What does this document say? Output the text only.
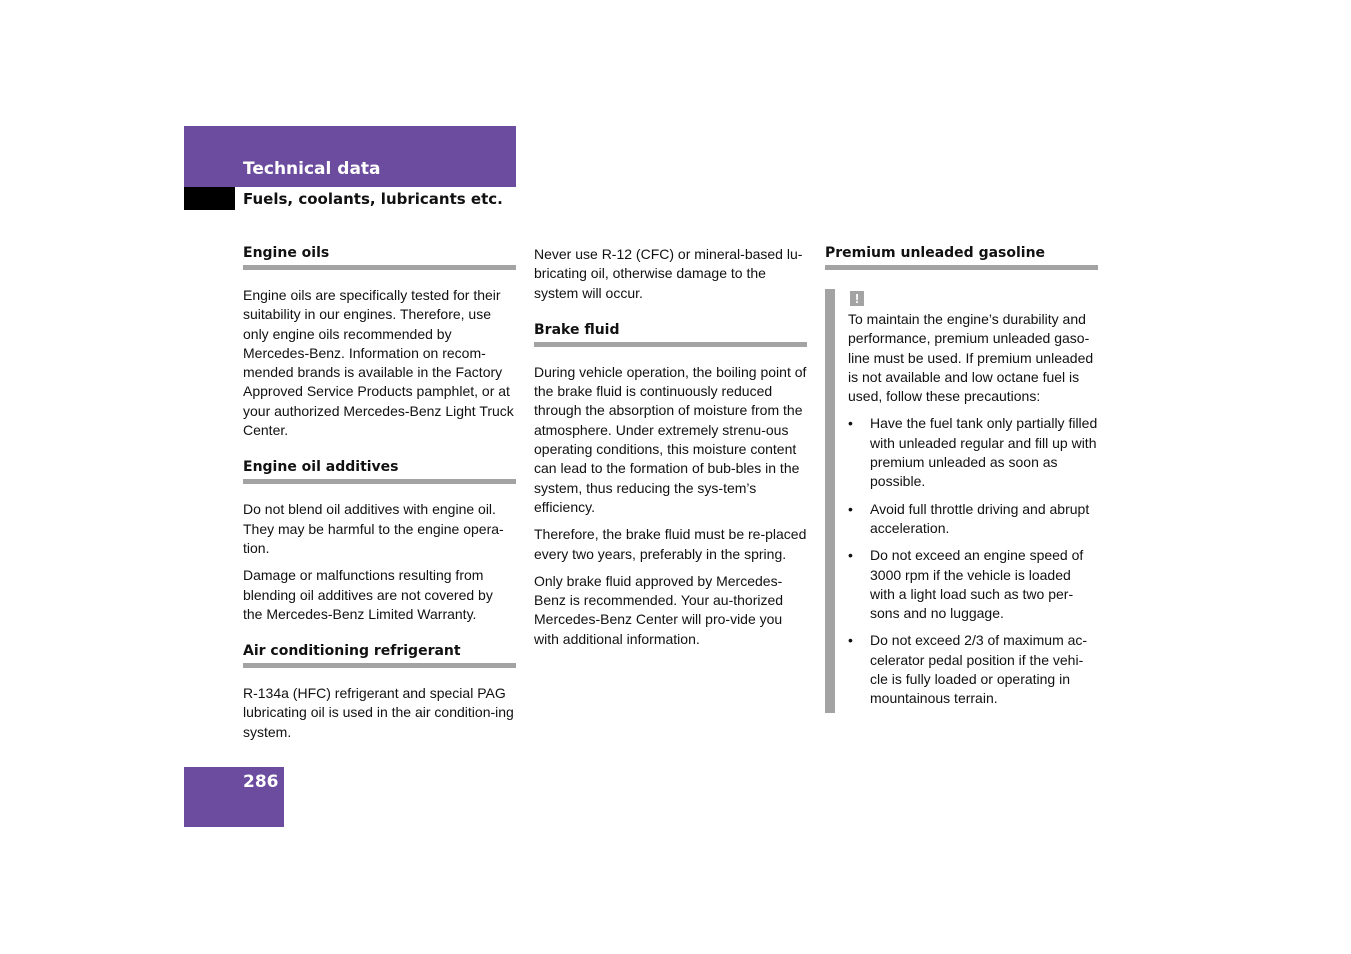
Technical data
Fuels, coolants, lubricants etc.
Engine oils

Engine oils are specifically tested for their suitability in our engines. Therefore, use only engine oils recommended by Mercedes-Benz. Information on recom-mended brands is available in the Factory Approved Service Products pamphlet, or at your authorized Mercedes-Benz Light Truck Center.

Engine oil additives

Do not blend oil additives with engine oil. They may be harmful to the engine opera-tion.

Damage or malfunctions resulting from blending oil additives are not covered by the Mercedes-Benz Limited Warranty.

Air conditioning refrigerant

R-134a (HFC) refrigerant and special PAG lubricating oil is used in the air condition-ing system.

Never use R-12 (CFC) or mineral-based lu-bricating oil, otherwise damage to the system will occur.

Brake fluid

During vehicle operation, the boiling point of the brake fluid is continuously reduced through the absorption of moisture from the atmosphere. Under extremely strenu-ous operating conditions, this moisture content can lead to the formation of bub-bles in the system, thus reducing the sys-tem’s efficiency.

Therefore, the brake fluid must be re-placed every two years, preferably in the spring.

Only brake fluid approved by Mercedes-Benz is recommended. Your au-thorized Mercedes-Benz Center will pro-vide you with additional information.

Premium unleaded gasoline
!

To maintain the engine’s durability and performance, premium unleaded gaso-line must be used. If premium unleaded is not available and low octane fuel is used, follow these precautions:

• Have the fuel tank only partially filled with unleaded regular and fill up with premium unleaded as soon as possible.
• Avoid full throttle driving and abrupt acceleration.
• Do not exceed an engine speed of 3000 rpm if the vehicle is loaded with a light load such as two per-sons and no luggage.
• Do not exceed 2/3 of maximum ac-celerator pedal position if the vehi-cle is fully loaded or operating in mountainous terrain.
286
